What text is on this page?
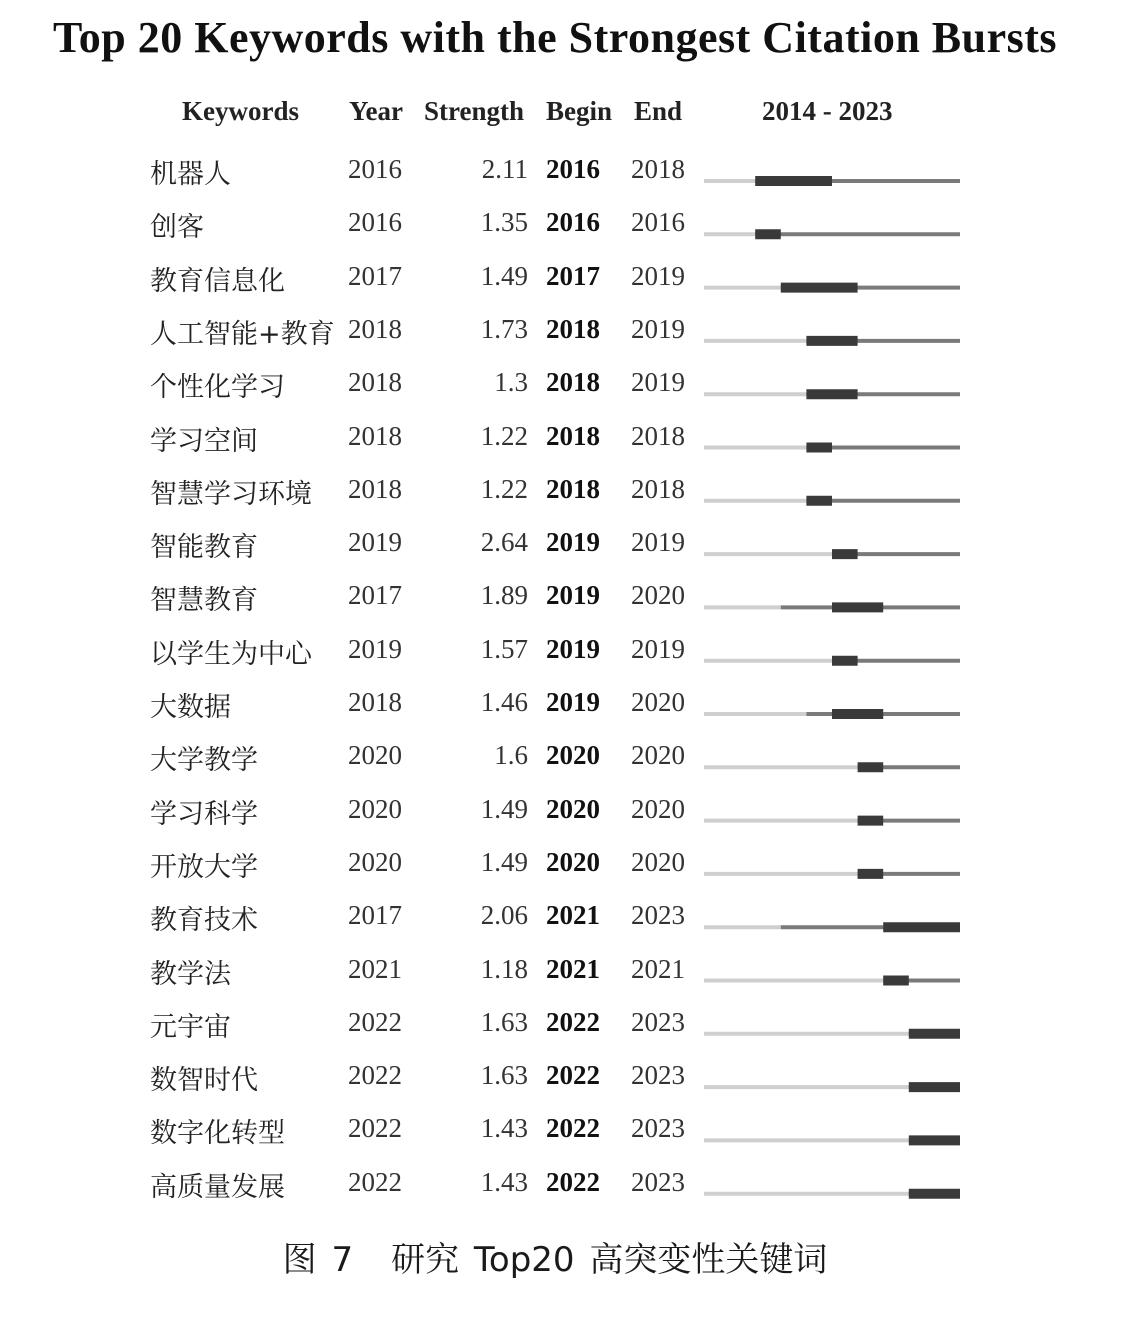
Top 20 Keywords with the Strongest Citation Bursts
Keywords Year Strength Begin End	2014 - 2023
机器人	2016	2.11 2016 2018
创客	2016	1.35 2016 2016
教育信息化 2017	1.49 2017 2019
人工智能+教育 2018	1.73 2018 2019
个性化学习 2018	1.3 2018 2019
学习空间	2018	1.22 2018 2018
智慧学习环境 2018	1.22 2018 2018
智能教育	2019	2.64 2019 2019
智慧教育	2017	1.89 2019 2020
以学生为中心 2019	1.57 2019 2019
大数据	2018	1.46 2019 2020
大学教学	2020	1.6 2020 2020
学习科学	2020	1.49 2020 2020
开放大学	2020	1.49 2020 2020
教育技术	2017	2.06 2021 2023
教学法	2021	1.18 2021 2021
元宇宙	2022	1.63 2022 2023
数智时代	2022	1.63 2022 2023
数字化转型 2022	1.43 2022 2023
高质量发展 2022	1.43 2022 2023
图 7 研究 Top20 高突变性关键词
